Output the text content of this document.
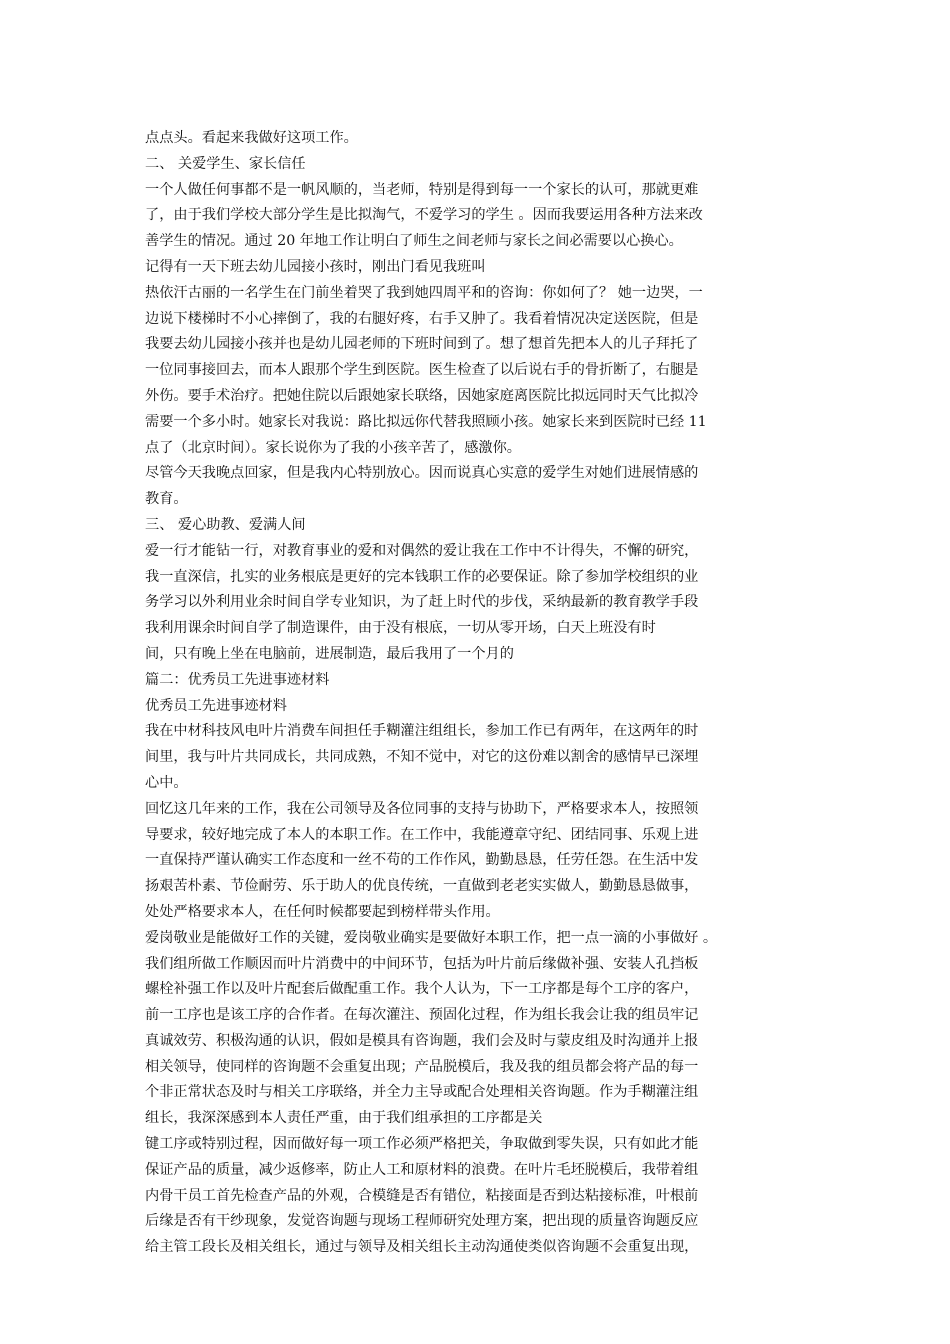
点点头。看起来我做好这项工作。
二、 关爱学生、家长信任
一个人做任何事都不是一帆风顺的，当老师，特别是得到每一一个家长的认可，那就更难
了，由于我们学校大部分学生是比拟淘气，不爱学习的学生 。因而我要运用各种方法来改
善学生的情况。通过 20 年地工作让明白了师生之间老师与家长之间必需要以心换心。
记得有一天下班去幼儿园接小孩时，刚出门看见我班叫
热依汗古丽的一名学生在门前坐着哭了我到她四周平和的咨询：你如何了？ 她一边哭，一
边说下楼梯时不小心摔倒了，我的右腿好疼，右手又肿了。我看着情况决定送医院，但是
我要去幼儿园接小孩并也是幼儿园老师的下班时间到了。想了想首先把本人的儿子拜托了
一位同事接回去，而本人跟那个学生到医院。医生检查了以后说右手的骨折断了，右腿是
外伤。要手术治疗。把她住院以后跟她家长联络，因她家庭离医院比拟远同时天气比拟冷
需要一个多小时。她家长对我说：路比拟远你代替我照顾小孩。她家长来到医院时已经 11
点了（北京时间）。家长说你为了我的小孩辛苦了，感激你。
尽管今天我晚点回家，但是我内心特别放心。因而说真心实意的爱学生对她们进展情感的
教育。
三、 爱心助教、爱满人间
爱一行才能钻一行，对教育事业的爱和对偶然的爱让我在工作中不计得失，不懈的研究，
我一直深信，扎实的业务根底是更好的完本钱职工作的必要保证。除了参加学校组织的业
务学习以外利用业余时间自学专业知识，为了赶上时代的步伐，采纳最新的教育教学手段
我利用课余时间自学了制造课件，由于没有根底，一切从零开场，白天上班没有时
间，只有晚上坐在电脑前，进展制造，最后我用了一个月的
篇二：优秀员工先进事迹材料
优秀员工先进事迹材料
我在中材科技风电叶片消费车间担任手糊灌注组组长，参加工作已有两年，在这两年的时
间里，我与叶片共同成长，共同成熟，不知不觉中，对它的这份难以割舍的感情早已深埋
心中。
回忆这几年来的工作，我在公司领导及各位同事的支持与协助下，严格要求本人，按照领
导要求，较好地完成了本人的本职工作。在工作中，我能遵章守纪、团结同事、乐观上进
一直保持严谨认确实工作态度和一丝不苟的工作作风，勤勤恳恳，任劳任怨。在生活中发
扬艰苦朴素、节俭耐劳、乐于助人的优良传统，一直做到老老实实做人，勤勤恳恳做事，
处处严格要求本人，在任何时候都要起到榜样带头作用。
爱岗敬业是能做好工作的关键，爱岗敬业确实是要做好本职工作，把一点一滴的小事做好 。
我们组所做工作顺因而叶片消费中的中间环节，包括为叶片前后缘做补强、安装人孔挡板
螺栓补强工作以及叶片配套后做配重工作。我个人认为，下一工序都是每个工序的客户，
前一工序也是该工序的合作者。在每次灌注、预固化过程，作为组长我会让我的组员牢记
真诚效劳、积极沟通的认识，假如是模具有咨询题，我们会及时与蒙皮组及时沟通并上报
相关领导，使同样的咨询题不会重复出现；产品脱模后，我及我的组员都会将产品的每一
个非正常状态及时与相关工序联络，并全力主导或配合处理相关咨询题。作为手糊灌注组
组长，我深深感到本人责任严重，由于我们组承担的工序都是关
键工序或特别过程，因而做好每一项工作必须严格把关，争取做到零失误，只有如此才能
保证产品的质量，减少返修率，防止人工和原材料的浪费。在叶片毛坯脱模后，我带着组
内骨干员工首先检查产品的外观，合模缝是否有错位，粘接面是否到达粘接标准，叶根前
后缘是否有干纱现象，发觉咨询题与现场工程师研究处理方案，把出现的质量咨询题反应
给主管工段长及相关组长，通过与领导及相关组长主动沟通使类似咨询题不会重复出现，
